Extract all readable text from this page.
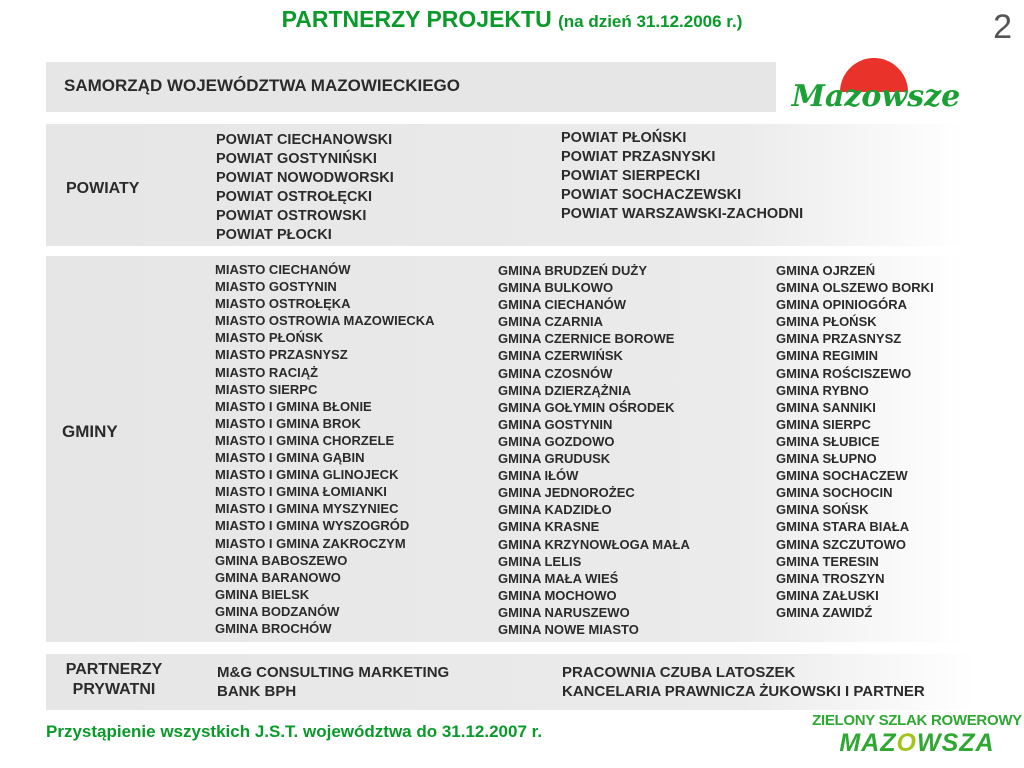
PARTNERZY PROJEKTU (na dzień 31.12.2006 r.)	2
SAMORZĄD WOJEWÓDZTWA MAZOWIECKIEGO	Mazowsze
POWIATY
POWIAT CIECHANOWSKI
POWIAT GOSTYNIŃSKI
POWIAT NOWODWORSKI
POWIAT OSTROŁĘCKI
POWIAT OSTROWSKI
POWIAT PŁOCKI
POWIAT PŁOŃSKI
POWIAT PRZASNYSKI
POWIAT SIERPECKI
POWIAT SOCHACZEWSKI
POWIAT WARSZAWSKI-ZACHODNI
GMINY
MIASTO CIECHANÓW
MIASTO GOSTYNIN
MIASTO OSTROŁĘKA
MIASTO OSTROWIA MAZOWIECKA
MIASTO PŁOŃSK
MIASTO PRZASNYSZ
MIASTO RACIĄŻ
MIASTO SIERPC
MIASTO I GMINA BŁONIE
MIASTO I GMINA BROK
MIASTO I GMINA CHORZELE
MIASTO I GMINA GĄBIN
MIASTO I GMINA GLINOJECK
MIASTO I GMINA ŁOMIANKI
MIASTO I GMINA MYSZYNIEC
MIASTO I GMINA WYSZOGRÓD
MIASTO I GMINA ZAKROCZYM
GMINA BABOSZEWO
GMINA BARANOWO
GMINA BIELSK
GMINA BODZANÓW
GMINA BROCHÓW
GMINA BRUDZEŃ DUŻY
GMINA BULKOWO
GMINA CIECHANÓW
GMINA CZARNIA
GMINA CZERNICE BOROWE
GMINA CZERWIŃSK
GMINA CZOSNÓW
GMINA DZIERZĄŻNIA
GMINA GOŁYMIN OŚRODEK
GMINA GOSTYNIN
GMINA GOZDOWO
GMINA GRUDUSK
GMINA IŁÓW
GMINA JEDNOROŻEC
GMINA KADZIDŁO
GMINA KRASNE
GMINA KRZYNOWŁOGA MAŁA
GMINA LELIS
GMINA MAŁA WIEŚ
GMINA MOCHOWO
GMINA NARUSZEWO
GMINA NOWE MIASTO
GMINA OJRZEŃ
GMINA OLSZEWO BORKI
GMINA OPINIOGÓRA
GMINA PŁOŃSK
GMINA PRZASNYSZ
GMINA REGIMIN
GMINA ROŚCISZEWO
GMINA RYBNO
GMINA SANNIKI
GMINA SIERPC
GMINA SŁUBICE
GMINA SŁUPNO
GMINA SOCHACZEW
GMINA SOCHOCIN
GMINA SOŃSK
GMINA STARA BIAŁA
GMINA SZCZUTOWO
GMINA TERESIN
GMINA TROSZYN
GMINA ZAŁUSKI
GMINA ZAWIDŹ
PARTNERZY
PRYWATNI
M&G CONSULTING MARKETING
BANK BPH
PRACOWNIA CZUBA LATOSZEK
KANCELARIA PRAWNICZA ŻUKOWSKI I PARTNER
Przystąpienie wszystkich J.S.T. województwa do 31.12.2007 r.
ZIELONY SZLAK ROWEROWY
MAZOWSZA
